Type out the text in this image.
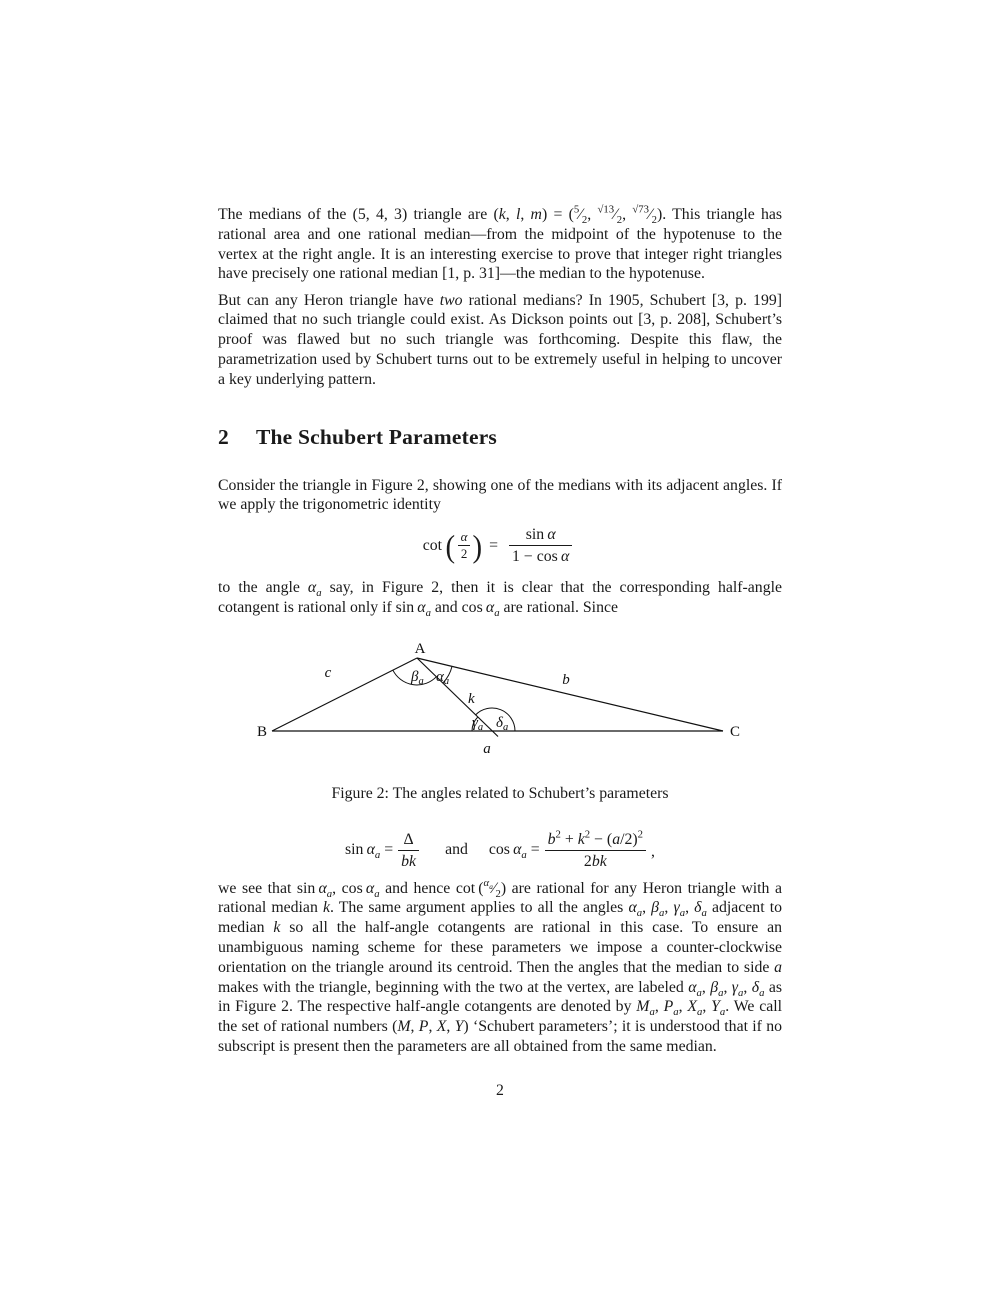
The medians of the (5, 4, 3) triangle are (k, l, $m) = (^5⁄_2$, $^{√13}⁄_2$, $^{√73}⁄_2$). This triangle has rational area and one rational median—from the midpoint of the hypotenuse to the vertex at the right angle. It is an interesting exercise to prove that integer right triangles have precisely one rational median [1, p. 31]—the median to the hypotenuse.

But can any Heron triangle have two rational medians? In 1905, Schubert [3, p. 199] claimed that no such triangle could exist. As Dickson points out [3, p. 208], Schubert’s proof was flawed but no such triangle was forthcoming. Despite this flaw, the parametrization used by Schubert turns out to be extremely useful in helping to uncover a key underlying pattern.

2 The Schubert Parameters

Consider the triangle in Figure 2, showing one of the medians with its adjacent angles. If we apply the trigonometric identity

cot ( $\frac{\alpha}{2}$ ) = $\frac{\text{sin α}}{\text{1 − cos α}}$

to the angle $\alpha_a$ say, in Figure 2, then it is clear that the corresponding half-angle cotangent is rational only if $\sin \alpha_a$ and $\cos \alpha_a$ are rational. Since

A
B	C
c	b
a
k
$\beta_a$ $\alpha_a$
$\gamma_a$ $\delta_a$
Figure 2: The angles related to Schubert’s parameters
$\sin \alpha_a = \frac{\Delta}{bk}$ and $\cos \alpha_a = \frac{b^2 + k^2 - (a/2)^2}{2bk}$ ,

we see that $\sin \alpha_a$, $\cos \alpha_a$ and hence $\cot (^{\alpha_a}⁄_2)$ are rational for any Heron triangle with a rational median k. The same argument applies to all the angles $\alpha_a$, $\beta_a$, $\gamma_a$, $\delta_a$ adjacent to median k so all the half-angle cotangents are rational in this case. To ensure an unambiguous naming scheme for these parameters we impose a counter-clockwise orientation on the triangle around its centroid. Then the angles that the median to side a makes with the triangle, beginning with the two at the vertex, are labeled $\alpha_a$, $\beta_a$, $\gamma_a$, $\delta_a$ as in Figure 2. The respective half-angle cotangents are denoted by $M_a$, $P_a$, $X_a$, $Y_a$. We call the set of rational numbers (M, P, X, Y) ‘Schubert parameters’; it is understood that if no subscript is present then the parameters are all obtained from the same median.

2
